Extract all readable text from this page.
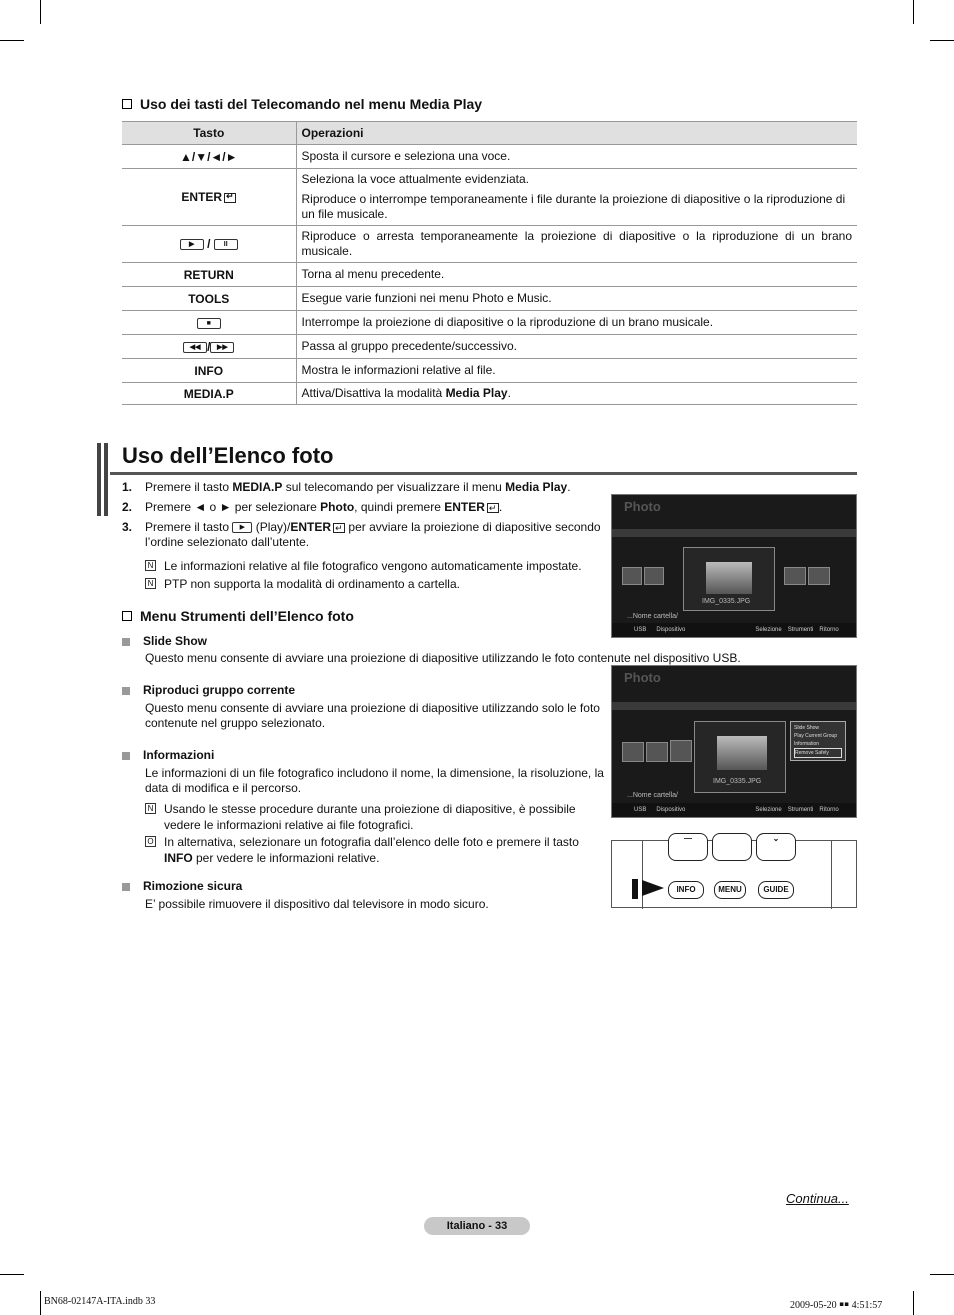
Uso dei tasti del Telecomando nel menu Media Play
Tasto	Operazioni
▲/▼/◄/►	Sposta il cursore e seleziona una voce.

ENTER↵	Seleziona la voce attualmente evidenziata.

Riproduce o interrompe temporaneamente i file durante la proiezione di diapositive o la riproduzione di un file musicale.

▶ / II	Riproduce o arresta temporaneamente la proiezione di diapositive o la riproduzione di un brano musicale.

RETURN	Torna al menu precedente.

TOOLS	Esegue varie funzioni nei menu Photo e Music.

■	Interrompe la proiezione di diapositive o la riproduzione di un brano musicale.

◀◀ / ▶▶	Passa al gruppo precedente/successivo.

INFO	Mostra le informazioni relative al file.

MEDIA.P	Attiva/Disattiva la modalità Media Play.

Uso dell’Elenco foto
1.	Premere il tasto MEDIA.P sul telecomando per visualizzare il menu Media Play.
2.	Premere ◄ o ► per selezionare Photo, quindi premere ENTER ↵ .
3.	Premere il tasto ▶ (Play)/ENTER↵ per avviare la proiezione di diapositive secondo l’ordine selezionato dall’utente.
N Le informazioni relative al file fotografico vengono automaticamente impostate.
N PTP non supporta la modalità di ordinamento a cartella.
Menu Strumenti dell’Elenco foto
Slide Show
Questo menu consente di avviare una proiezione di diapositive utilizzando le foto contenute nel dispositivo USB.
Riproduci gruppo corrente
Questo menu consente di avviare una proiezione di diapositive utilizzando solo le foto contenute nel gruppo selezionato.
Informazioni
Le informazioni di un file fotografico includono il nome, la dimensione, la risoluzione, la data di modifica e il percorso.
N Usando le stesse procedure durante una proiezione di diapositive, è possibile vedere le informazioni relative ai file fotografici.
O In alternativa, selezionare un fotografia dall’elenco delle foto e premere il tasto INFO per vedere le informazioni relative.
Rimozione sicura
E’ possibile rimuovere il dispositivo dal televisore in modo sicuro.
Photo
IMG_0335.JPG
...Nome cartella/
USB Dispositivo	Selezione Strumenti Ritorno
Photo
IMG_0335.JPG
Slide Show
Play Current Group
Information
Remove Safely
...Nome cartella/
USB Dispositivo	Selezione Strumenti Ritorno
—	⌄
INFO	MENU	GUIDE
Continua...
Italiano - 33
BN68-02147A-ITA.indb 33	2009-05-20 ￭￭ 4:51:57
